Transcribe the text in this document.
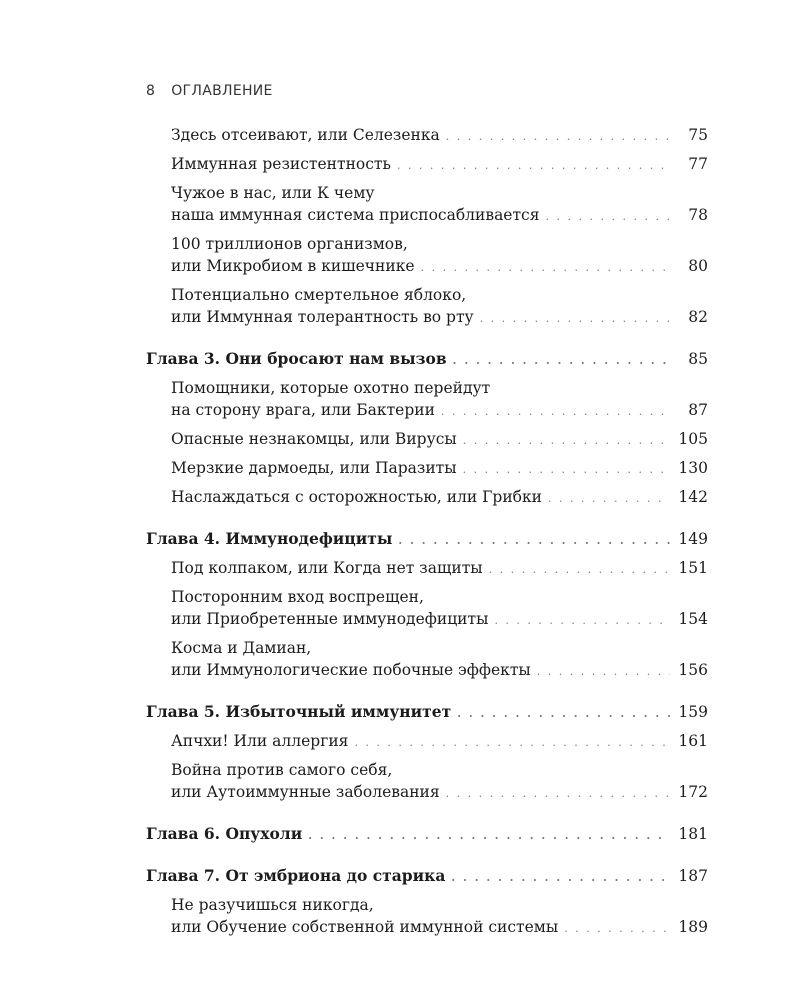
8 ОГЛАВЛЕНИЕ
Здесь отсеивают, или Селезенка . . .	75
Иммунная резистентность . . .	77
Чужое в нас, или К чему
наша иммунная система приспосабливается . . .	78
100 триллионов организмов,
или Микробиом в кишечнике . . .	80
Потенциально смертельное яблоко,
или Иммунная толерантность во рту . . .	82
Глава 3. Они бросают нам вызов . . .	85
Помощники, которые охотно перейдут
на сторону врага, или Бактерии . . .	87
Опасные незнакомцы, или Вирусы . . .	105
Мерзкие дармоеды, или Паразиты . . .	130
Наслаждаться с осторожностью, или Грибки . . .	142
Глава 4. Иммунодефициты . . .	149
Под колпаком, или Когда нет защиты . . .	151
Посторонним вход воспрещен,
или Приобретенные иммунодефициты . . .	154
Косма и Дамиан,
или Иммунологические побочные эффекты . . .	156
Глава 5. Избыточный иммунитет . . .	159
Апчхи! Или аллергия . . .	161
Война против самого себя,
или Аутоиммунные заболевания . . .	172
Глава 6. Опухоли . . .	181
Глава 7. От эмбриона до старика . . .	187
Не разучишься никогда,
или Обучение собственной иммунной системы . . .	189
